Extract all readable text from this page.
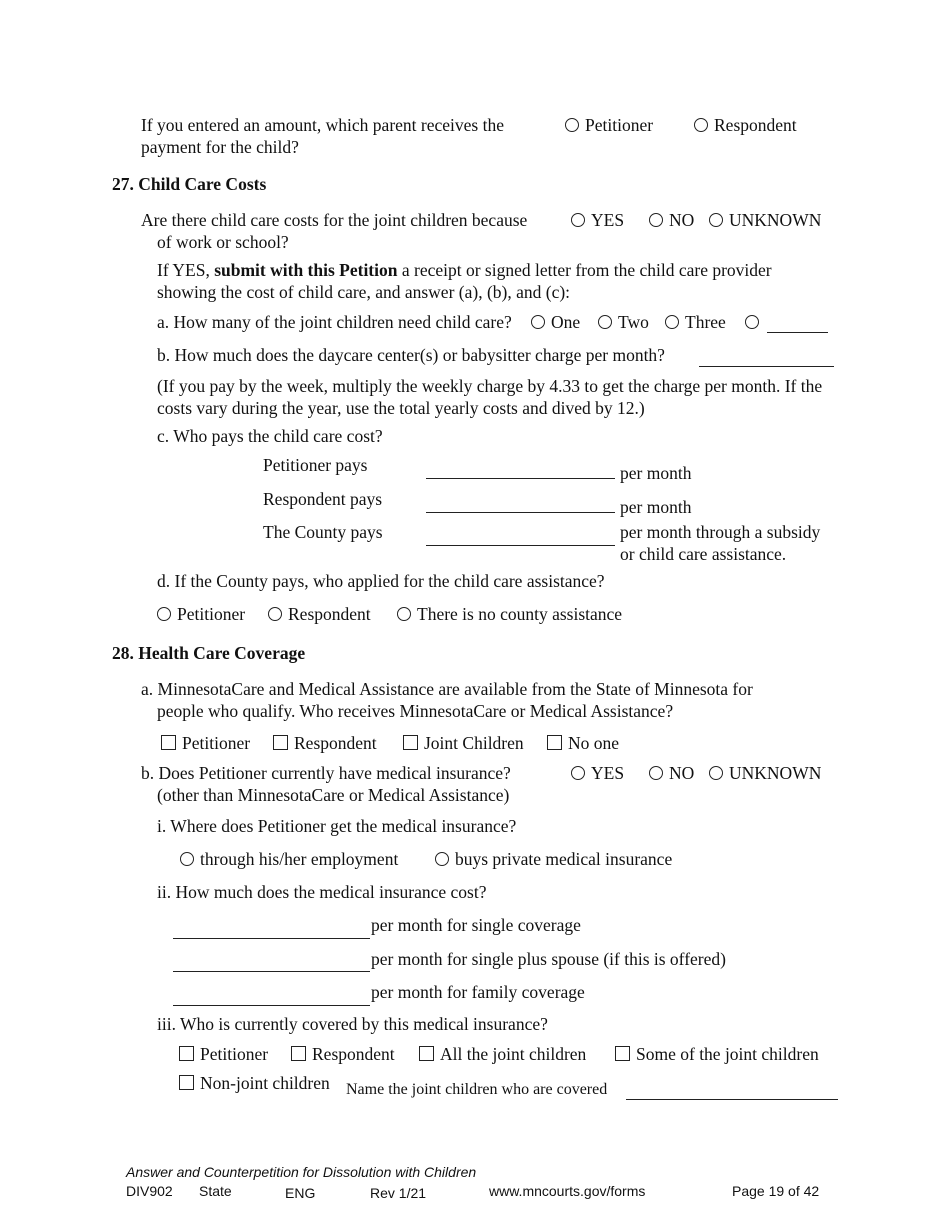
If you entered an amount, which parent receives the
payment for the child?
Petitioner	Respondent
27. Child Care Costs
Are there child care costs for the joint children because
of work or school?
YES	NO	UNKNOWN
If YES, submit with this Petition a receipt or signed letter from the child care provider
showing the cost of child care, and answer (a), (b), and (c):
a. How many of the joint children need child care?	One	Two	Three
b. How much does the daycare center(s) or babysitter charge per month?
(If you pay by the week, multiply the weekly charge by 4.33 to get the charge per month. If the
costs vary during the year, use the total yearly costs and dived by 12.)
c. Who pays the child care cost?
Petitioner pays	per month
Respondent pays	per month
The County pays	per month through a subsidy
or child care assistance.
d. If the County pays, who applied for the child care assistance?
Petitioner	Respondent	There is no county assistance
28. Health Care Coverage
a. MinnesotaCare and Medical Assistance are available from the State of Minnesota for
people who qualify. Who receives MinnesotaCare or Medical Assistance?
Petitioner	Respondent	Joint Children	No one
b. Does Petitioner currently have medical insurance?
(other than MinnesotaCare or Medical Assistance)
YES	NO	UNKNOWN
i. Where does Petitioner get the medical insurance?
through his/her employment	buys private medical insurance
ii. How much does the medical insurance cost?
per month for single coverage
per month for single plus spouse (if this is offered)
per month for family coverage
iii. Who is currently covered by this medical insurance?
Petitioner	Respondent	All the joint children	Some of the joint children
Non-joint children Name the joint children who are covered
Answer and Counterpetition for Dissolution with Children
DIV902 State	ENG	Rev 1/21	www.mncourts.gov/forms	Page 19 of 42
